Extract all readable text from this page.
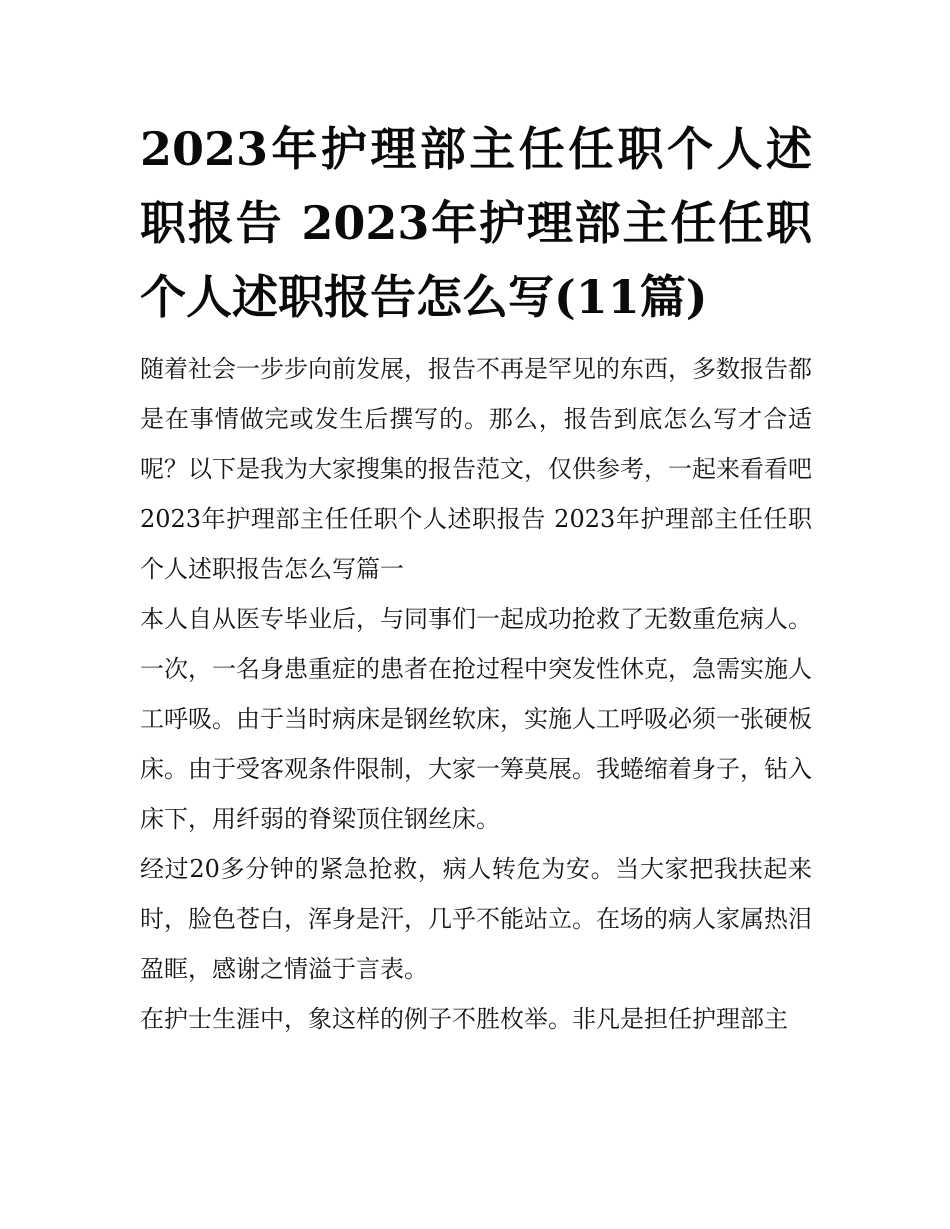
2023年护理部主任任职个人述职报告 2023年护理部主任任职个人述职报告怎么写(11篇)

随着社会一步步向前发展，报告不再是罕见的东西，多数报告都是在事情做完或发生后撰写的。那么，报告到底怎么写才合适呢？以下是我为大家搜集的报告范文，仅供参考，一起来看看吧

2023年护理部主任任职个人述职报告 2023年护理部主任任职个人述职报告怎么写篇一

本人自从医专毕业后，与同事们一起成功抢救了无数重危病人。一次，一名身患重症的患者在抢过程中突发性休克，急需实施人工呼吸。由于当时病床是钢丝软床，实施人工呼吸必须一张硬板床。由于受客观条件限制，大家一筹莫展。我蜷缩着身子，钻入床下，用纤弱的脊梁顶住钢丝床。

经过20多分钟的紧急抢救，病人转危为安。当大家把我扶起来时，脸色苍白，浑身是汗，几乎不能站立。在场的病人家属热泪盈眶，感谢之情溢于言表。

在护士生涯中，象这样的例子不胜枚举。非凡是担任护理部主
